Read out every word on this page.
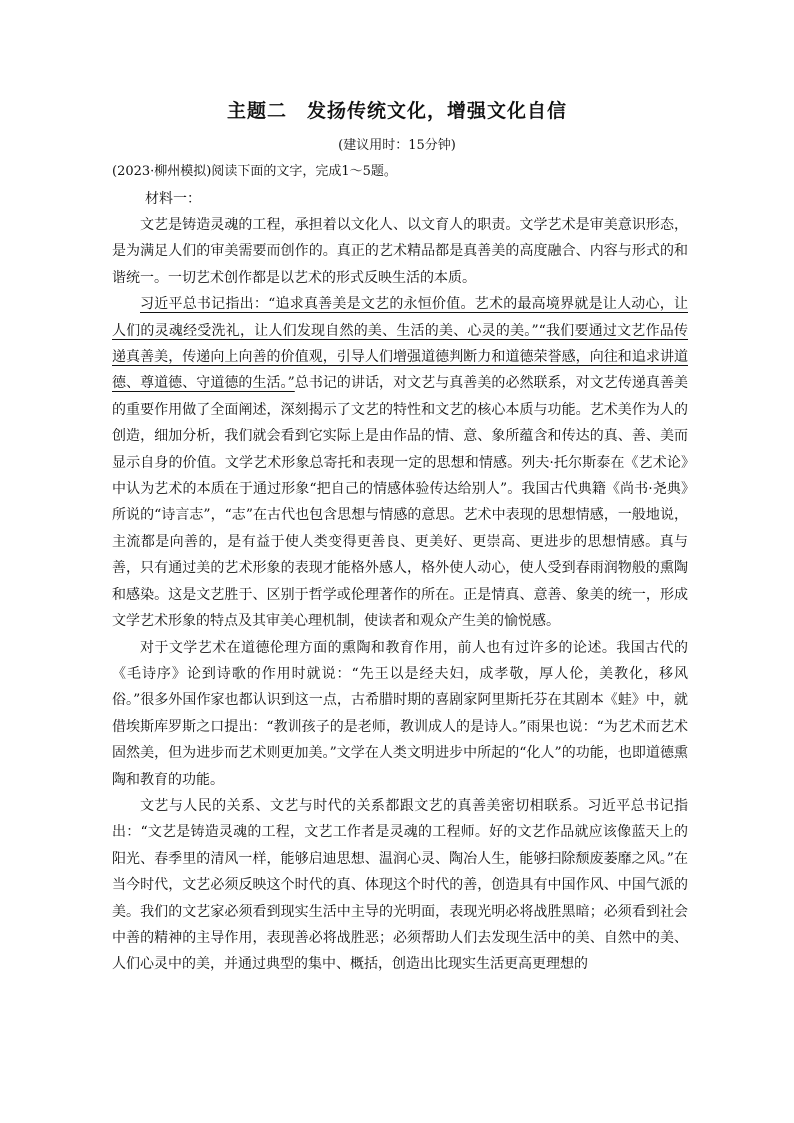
主题二　发扬传统文化，增强文化自信
(建议用时：15分钟)
(2023·柳州模拟)阅读下面的文字，完成1～5题。
材料一：

文艺是铸造灵魂的工程，承担着以文化人、以文育人的职责。文学艺术是审美意识形态，是为满足人们的审美需要而创作的。真正的艺术精品都是真善美的高度融合、内容与形式的和谐统一。一切艺术创作都是以艺术的形式反映生活的本质。

习近平总书记指出：“追求真善美是文艺的永恒价值。艺术的最高境界就是让人动心，让人们的灵魂经受洗礼，让人们发现自然的美、生活的美、心灵的美。”“我们要通过文艺作品传递真善美，传递向上向善的价值观，引导人们增强道德判断力和道德荣誉感，向往和追求讲道德、尊道德、守道德的生活。”总书记的讲话，对文艺与真善美的必然联系，对文艺传递真善美的重要作用做了全面阐述，深刻揭示了文艺的特性和文艺的核心本质与功能。艺术美作为人的创造，细加分析，我们就会看到它实际上是由作品的情、意、象所蕴含和传达的真、善、美而显示自身的价值。文学艺术形象总寄托和表现一定的思想和情感。列夫·托尔斯泰在《艺术论》中认为艺术的本质在于通过形象“把自己的情感体验传达给别人”。我国古代典籍《尚书·尧典》所说的“诗言志”，“志”在古代也包含思想与情感的意思。艺术中表现的思想情感，一般地说，主流都是向善的，是有益于使人类变得更善良、更美好、更崇高、更进步的思想情感。真与善，只有通过美的艺术形象的表现才能格外感人，格外使人动心，使人受到春雨润物般的熏陶和感染。这是文艺胜于、区别于哲学或伦理著作的所在。正是情真、意善、象美的统一，形成文学艺术形象的特点及其审美心理机制，使读者和观众产生美的愉悦感。

对于文学艺术在道德伦理方面的熏陶和教育作用，前人也有过许多的论述。我国古代的《毛诗序》论到诗歌的作用时就说：“先王以是经夫妇，成孝敬，厚人伦，美教化，移风俗。”很多外国作家也都认识到这一点，古希腊时期的喜剧家阿里斯托芬在其剧本《蛙》中，就借埃斯库罗斯之口提出：“教训孩子的是老师，教训成人的是诗人。”雨果也说：“为艺术而艺术固然美，但为进步而艺术则更加美。”文学在人类文明进步中所起的“化人”的功能，也即道德熏陶和教育的功能。

文艺与人民的关系、文艺与时代的关系都跟文艺的真善美密切相联系。习近平总书记指出：“文艺是铸造灵魂的工程，文艺工作者是灵魂的工程师。好的文艺作品就应该像蓝天上的阳光、春季里的清风一样，能够启迪思想、温润心灵、陶冶人生，能够扫除颓废萎靡之风。”在当今时代，文艺必须反映这个时代的真、体现这个时代的善，创造具有中国作风、中国气派的美。我们的文艺家必须看到现实生活中主导的光明面，表现光明必将战胜黑暗；必须看到社会中善的精神的主导作用，表现善必将战胜恶；必须帮助人们去发现生活中的美、自然中的美、人们心灵中的美，并通过典型的集中、概括，创造出比现实生活更高更理想的
